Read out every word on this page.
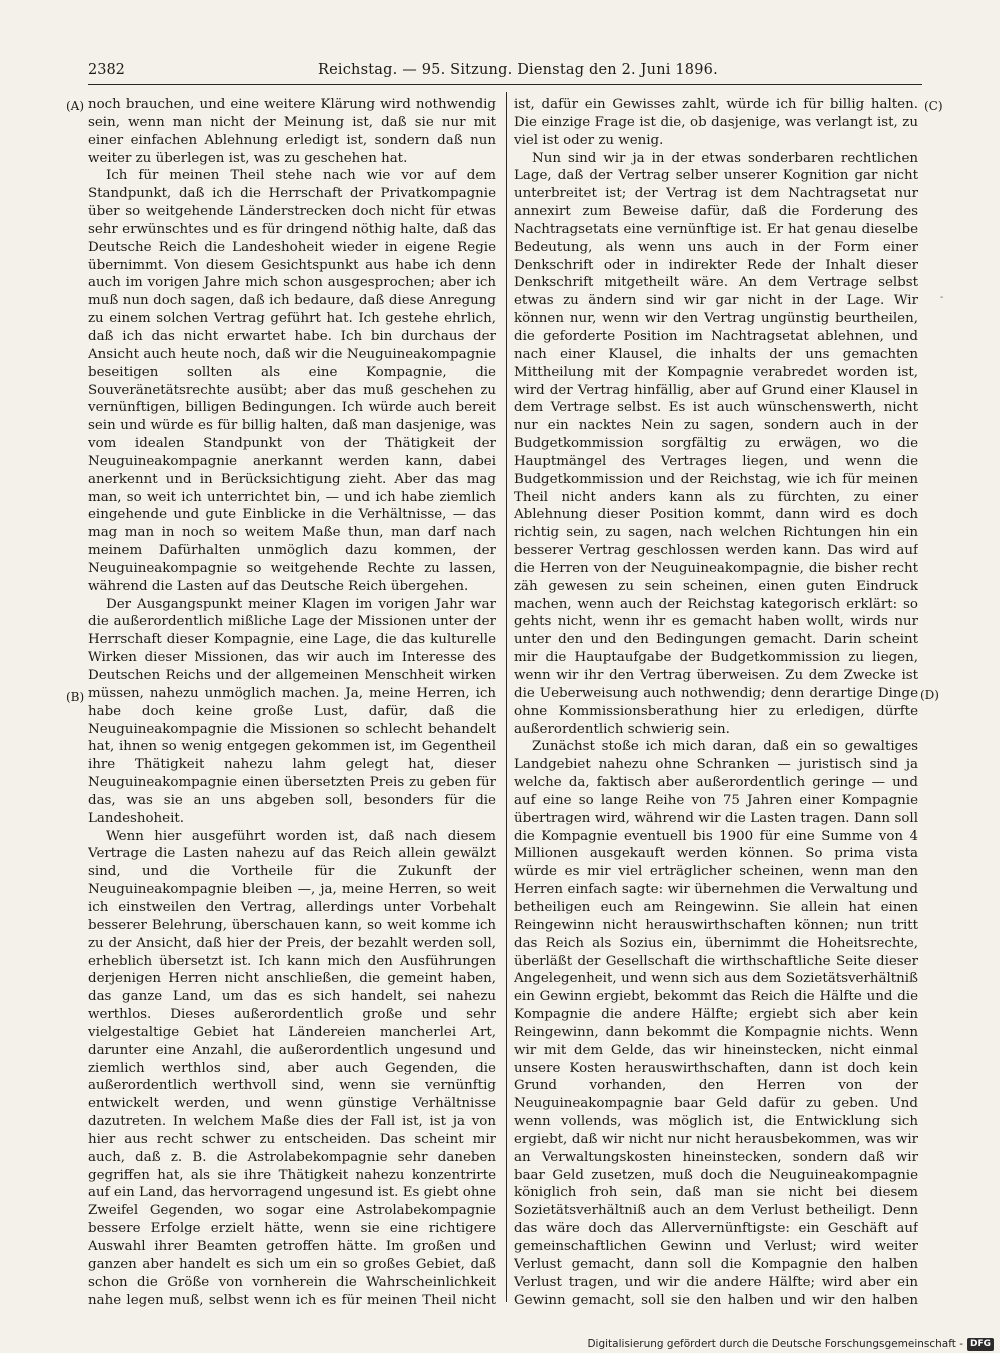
2382	Reichstag. — 95. Sitzung. Dienstag den 2. Juni 1896.
(A)
(B)
(C)
(D)
-

noch brauchen, und eine weitere Klärung wird nothwendig sein, wenn man nicht der Meinung ist, daß sie nur mit einer einfachen Ablehnung erledigt ist, sondern daß nun weiter zu überlegen ist, was zu geschehen hat.

Ich für meinen Theil stehe nach wie vor auf dem Standpunkt, daß ich die Herrschaft der Privatkompagnie über so weitgehende Länderstrecken doch nicht für etwas sehr erwünschtes und es für dringend nöthig halte, daß das Deutsche Reich die Landeshoheit wieder in eigene Regie übernimmt. Von diesem Gesichtspunkt aus habe ich denn auch im vorigen Jahre mich schon ausgesprochen; aber ich muß nun doch sagen, daß ich bedaure, daß diese Anregung zu einem solchen Vertrag geführt hat. Ich gestehe ehrlich, daß ich das nicht erwartet habe. Ich bin durchaus der Ansicht auch heute noch, daß wir die Neuguineakompagnie beseitigen sollten als eine Kompagnie, die Souveränetätsrechte ausübt; aber das muß geschehen zu vernünftigen, billigen Bedingungen. Ich würde auch bereit sein und würde es für billig halten, daß man dasjenige, was vom idealen Standpunkt von der Thätigkeit der Neuguineakompagnie anerkannt werden kann, dabei anerkennt und in Berücksichtigung zieht. Aber das mag man, so weit ich unterrichtet bin, — und ich habe ziemlich eingehende und gute Einblicke in die Verhältnisse, — das mag man in noch so weitem Maße thun, man darf nach meinem Dafürhalten unmöglich dazu kommen, der Neuguineakompagnie so weitgehende Rechte zu lassen, während die Lasten auf das Deutsche Reich übergehen.

Der Ausgangspunkt meiner Klagen im vorigen Jahr war die außerordentlich mißliche Lage der Missionen unter der Herrschaft dieser Kompagnie, eine Lage, die das kulturelle Wirken dieser Missionen, das wir auch im Interesse des Deutschen Reichs und der allgemeinen Menschheit wirken müssen, nahezu unmöglich machen. Ja, meine Herren, ich habe doch keine große Lust, dafür, daß die Neuguineakompagnie die Missionen so schlecht behandelt hat, ihnen so wenig entgegen gekommen ist, im Gegentheil ihre Thätigkeit nahezu lahm gelegt hat, dieser Neuguineakompagnie einen übersetzten Preis zu geben für das, was sie an uns abgeben soll, besonders für die Landeshoheit.

Wenn hier ausgeführt worden ist, daß nach diesem Vertrage die Lasten nahezu auf das Reich allein gewälzt sind, und die Vortheile für die Zukunft der Neuguineakompagnie bleiben —, ja, meine Herren, so weit ich einstweilen den Vertrag, allerdings unter Vorbehalt besserer Belehrung, überschauen kann, so weit komme ich zu der Ansicht, daß hier der Preis, der bezahlt werden soll, erheblich übersetzt ist. Ich kann mich den Ausführungen derjenigen Herren nicht anschließen, die gemeint haben, das ganze Land, um das es sich handelt, sei nahezu werthlos. Dieses außerordentlich große und sehr vielgestaltige Gebiet hat Ländereien mancherlei Art, darunter eine Anzahl, die außerordentlich ungesund und ziemlich werthlos sind, aber auch Gegenden, die außerordentlich werthvoll sind, wenn sie vernünftig entwickelt werden, und wenn günstige Verhältnisse dazutreten. In welchem Maße dies der Fall ist, ist ja von hier aus recht schwer zu entscheiden. Das scheint mir auch, daß z. B. die Astrolabekompagnie sehr daneben gegriffen hat, als sie ihre Thätigkeit nahezu konzentrirte auf ein Land, das hervorragend ungesund ist. Es giebt ohne Zweifel Gegenden, wo sogar eine Astrolabekompagnie bessere Erfolge erzielt hätte, wenn sie eine richtigere Auswahl ihrer Beamten getroffen hätte. Im großen und ganzen aber handelt es sich um ein so großes Gebiet, daß schon die Größe von vornherein die Wahrscheinlichkeit nahe legen muß, selbst wenn ich es für meinen Theil nicht

ist, dafür ein Gewisses zahlt, würde ich für billig halten. Die einzige Frage ist die, ob dasjenige, was verlangt ist, zu viel ist oder zu wenig.

Nun sind wir ja in der etwas sonderbaren rechtlichen Lage, daß der Vertrag selber unserer Kognition gar nicht unterbreitet ist; der Vertrag ist dem Nachtragsetat nur annexirt zum Beweise dafür, daß die Forderung des Nachtragsetats eine vernünftige ist. Er hat genau dieselbe Bedeutung, als wenn uns auch in der Form einer Denkschrift oder in indirekter Rede der Inhalt dieser Denkschrift mitgetheilt wäre. An dem Vertrage selbst etwas zu ändern sind wir gar nicht in der Lage. Wir können nur, wenn wir den Vertrag ungünstig beurtheilen, die geforderte Position im Nachtragsetat ablehnen, und nach einer Klausel, die inhalts der uns gemachten Mittheilung mit der Kompagnie verabredet worden ist, wird der Vertrag hinfällig, aber auf Grund einer Klausel in dem Vertrage selbst. Es ist auch wünschenswerth, nicht nur ein nacktes Nein zu sagen, sondern auch in der Budgetkommission sorgfältig zu erwägen, wo die Hauptmängel des Vertrages liegen, und wenn die Budgetkommission und der Reichstag, wie ich für meinen Theil nicht anders kann als zu fürchten, zu einer Ablehnung dieser Position kommt, dann wird es doch richtig sein, zu sagen, nach welchen Richtungen hin ein besserer Vertrag geschlossen werden kann. Das wird auf die Herren von der Neuguineakompagnie, die bisher recht zäh gewesen zu sein scheinen, einen guten Eindruck machen, wenn auch der Reichstag kategorisch erklärt: so gehts nicht, wenn ihr es gemacht haben wollt, wirds nur unter den und den Bedingungen gemacht. Darin scheint mir die Hauptaufgabe der Budgetkommission zu liegen, wenn wir ihr den Vertrag überweisen. Zu dem Zwecke ist die Ueberweisung auch nothwendig; denn derartige Dinge ohne Kommissionsberathung hier zu erledigen, dürfte außerordentlich schwierig sein.

Zunächst stoße ich mich daran, daß ein so gewaltiges Landgebiet nahezu ohne Schranken — juristisch sind ja welche da, faktisch aber außerordentlich geringe — und auf eine so lange Reihe von 75 Jahren einer Kompagnie übertragen wird, während wir die Lasten tragen. Dann soll die Kompagnie eventuell bis 1900 für eine Summe von 4 Millionen ausgekauft werden können. So prima vista würde es mir viel erträglicher scheinen, wenn man den Herren einfach sagte: wir übernehmen die Verwaltung und betheiligen euch am Reingewinn. Sie allein hat einen Reingewinn nicht herauswirthschaften können; nun tritt das Reich als Sozius ein, übernimmt die Hoheitsrechte, überläßt der Gesellschaft die wirthschaftliche Seite dieser Angelegenheit, und wenn sich aus dem Sozietätsverhältniß ein Gewinn ergiebt, bekommt das Reich die Hälfte und die Kompagnie die andere Hälfte; ergiebt sich aber kein Reingewinn, dann bekommt die Kompagnie nichts. Wenn wir mit dem Gelde, das wir hineinstecken, nicht einmal unsere Kosten herauswirthschaften, dann ist doch kein Grund vorhanden, den Herren von der Neuguineakompagnie baar Geld dafür zu geben. Und wenn vollends, was möglich ist, die Entwicklung sich ergiebt, daß wir nicht nur nicht herausbekommen, was wir an Verwaltungskosten hineinstecken, sondern daß wir baar Geld zusetzen, muß doch die Neuguineakompagnie königlich froh sein, daß man sie nicht bei diesem Sozietätsverhältniß auch an dem Verlust betheiligt. Denn das wäre doch das Allervernünftigste: ein Geschäft auf gemeinschaftlichen Gewinn und Verlust; wird weiter Verlust gemacht, dann soll die Kompagnie den halben Verlust tragen, und wir die andere Hälfte; wird aber ein Gewinn gemacht, soll sie den halben und wir den halben

Digitalisierung gefördert durch die Deutsche Forschungsgemeinschaft - DFG
